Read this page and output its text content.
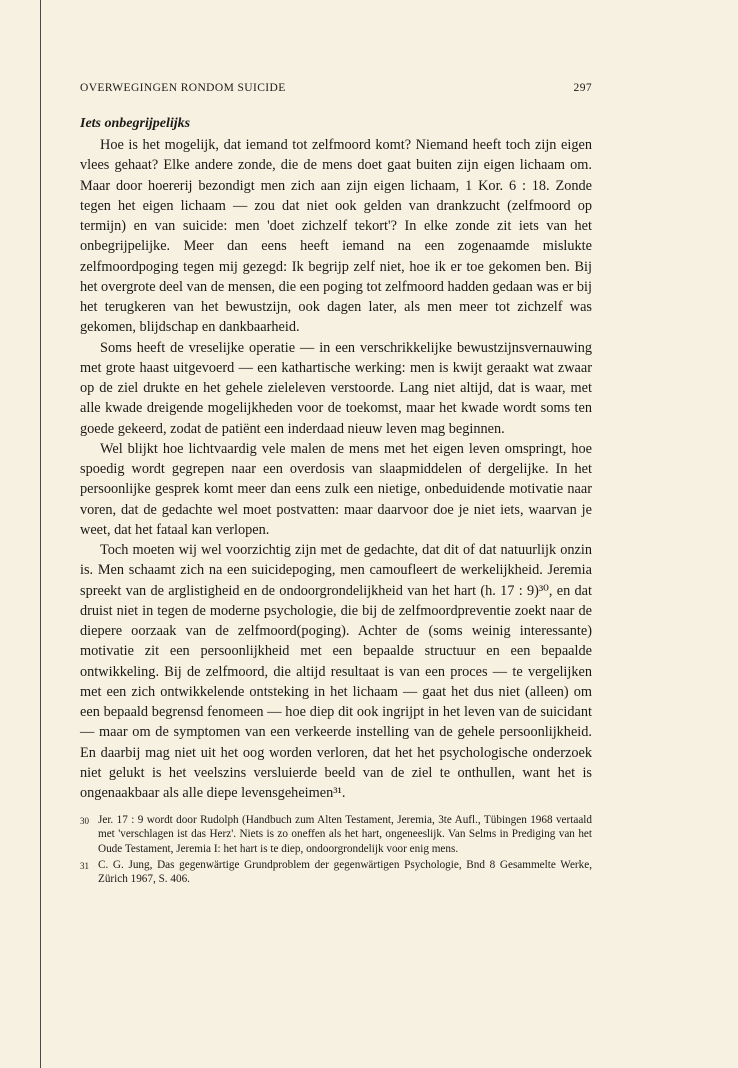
OVERWEGINGEN RONDOM SUICIDE	297
Iets onbegrijpelijks

Hoe is het mogelijk, dat iemand tot zelfmoord komt? Niemand heeft toch zijn eigen vlees gehaat? Elke andere zonde, die de mens doet gaat buiten zijn eigen lichaam om. Maar door hoererij bezondigt men zich aan zijn eigen lichaam, 1 Kor. 6 : 18. Zonde tegen het eigen lichaam — zou dat niet ook gelden van drankzucht (zelfmoord op termijn) en van suicide: men 'doet zichzelf tekort'? In elke zonde zit iets van het onbegrijpelijke. Meer dan eens heeft iemand na een zogenaamde mislukte zelfmoordpoging tegen mij gezegd: Ik begrijp zelf niet, hoe ik er toe gekomen ben. Bij het overgrote deel van de mensen, die een poging tot zelfmoord hadden gedaan was er bij het terugkeren van het bewustzijn, ook dagen later, als men meer tot zichzelf was gekomen, blijdschap en dankbaarheid.

Soms heeft de vreselijke operatie — in een verschrikkelijke bewustzijnsvernauwing met grote haast uitgevoerd — een kathartische werking: men is kwijt geraakt wat zwaar op de ziel drukte en het gehele zieleleven verstoorde. Lang niet altijd, dat is waar, met alle kwade dreigende mogelijkheden voor de toekomst, maar het kwade wordt soms ten goede gekeerd, zodat de patiënt een inderdaad nieuw leven mag beginnen.

Wel blijkt hoe lichtvaardig vele malen de mens met het eigen leven omspringt, hoe spoedig wordt gegrepen naar een overdosis van slaapmiddelen of dergelijke. In het persoonlijke gesprek komt meer dan eens zulk een nietige, onbeduidende motivatie naar voren, dat de gedachte wel moet postvatten: maar daarvoor doe je niet iets, waarvan je weet, dat het fataal kan verlopen.

Toch moeten wij wel voorzichtig zijn met de gedachte, dat dit of dat natuurlijk onzin is. Men schaamt zich na een suicidepoging, men camoufleert de werkelijkheid. Jeremia spreekt van de arglistigheid en de ondoorgrondelijkheid van het hart (h. 17 : 9)³⁰, en dat druist niet in tegen de moderne psychologie, die bij de zelfmoordpreventie zoekt naar de diepere oorzaak van de zelfmoord(poging). Achter de (soms weinig interessante) motivatie zit een persoonlijkheid met een bepaalde structuur en een bepaalde ontwikkeling. Bij de zelfmoord, die altijd resultaat is van een proces — te vergelijken met een zich ontwikkelende ontsteking in het lichaam — gaat het dus niet (alleen) om een bepaald begrensd fenomeen — hoe diep dit ook ingrijpt in het leven van de suicidant — maar om de symptomen van een verkeerde instelling van de gehele persoonlijkheid. En daarbij mag niet uit het oog worden verloren, dat het het psychologische onderzoek niet gelukt is het veelszins versluierde beeld van de ziel te onthullen, want het is ongenaakbaar als alle diepe levensgeheimen³¹.

30 Jer. 17 : 9 wordt door Rudolph (Handbuch zum Alten Testament, Jeremia, 3te Aufl., Tübingen 1968 vertaald met 'verschlagen ist das Herz'. Niets is zo oneffen als het hart, ongeneeslijk. Van Selms in Prediging van het Oude Testament, Jeremia I: het hart is te diep, ondoorgrondelijk voor enig mens.
31 C. G. Jung, Das gegenwärtige Grundproblem der gegenwärtigen Psychologie, Bnd 8 Gesammelte Werke, Zürich 1967, S. 406.
